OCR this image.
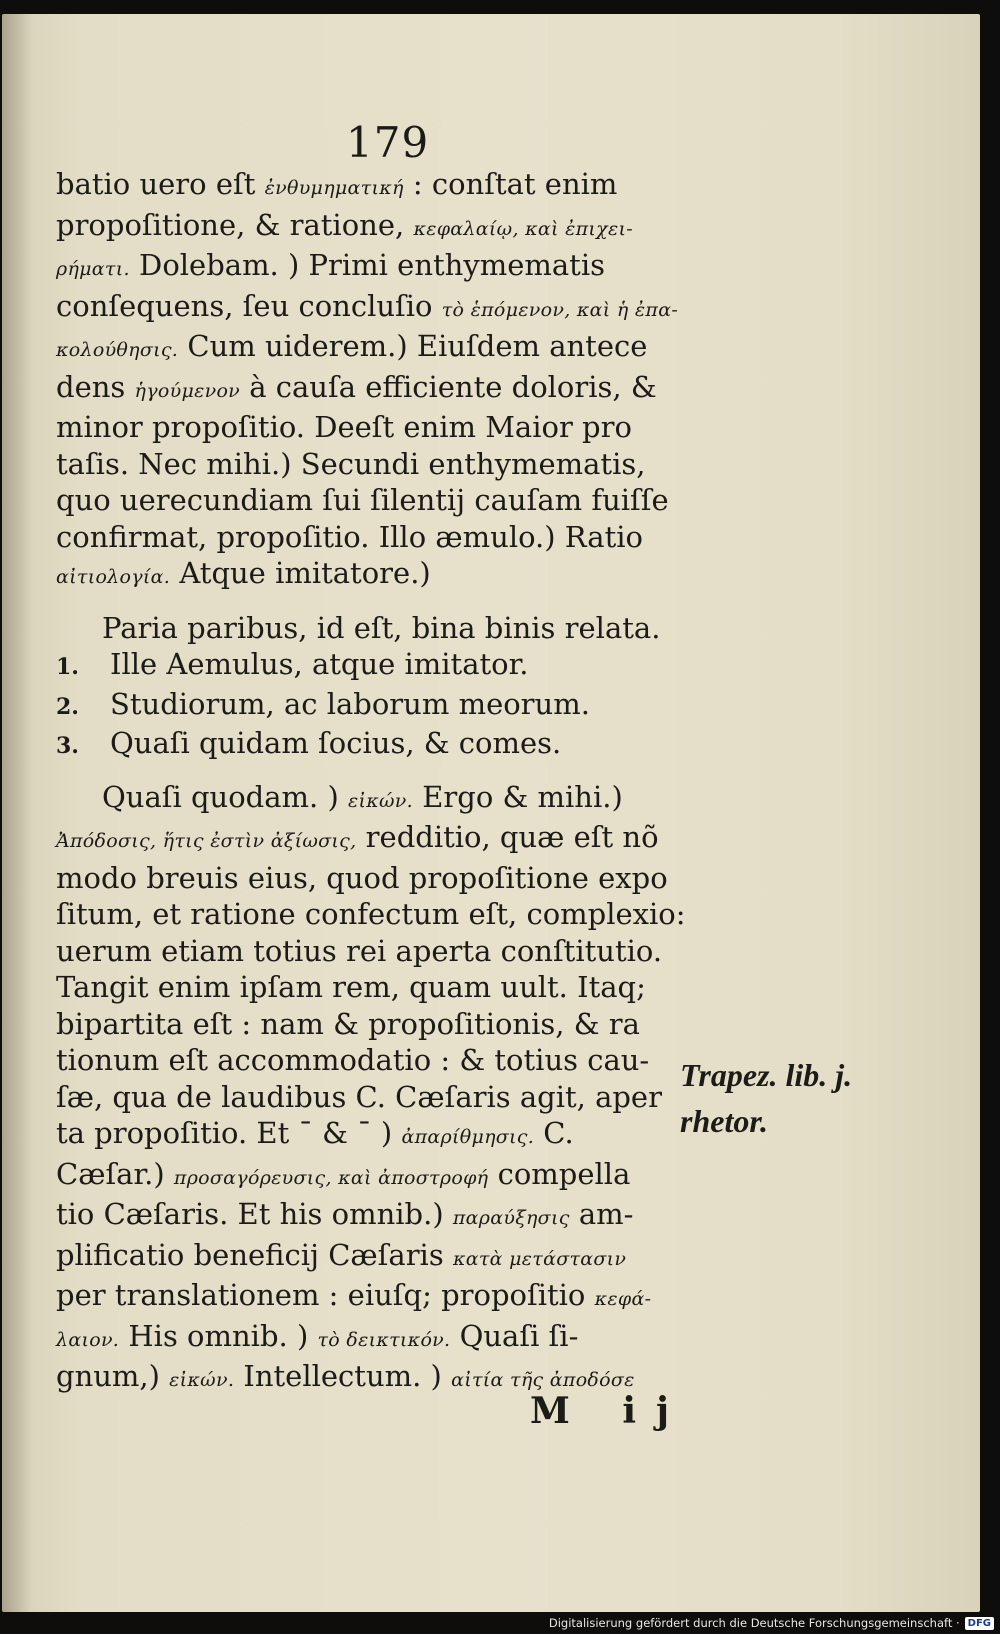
179
batio uero eſt ἐνθυμηματική : conſtat enim
propoſitione, & ratione, κεφαλαίῳ, καὶ ἐπιχει-
ρήματι. Dolebam. ) Primi enthymematis
conſequens, ſeu concluſio τὸ ἑπόμενον, καὶ ἡ ἐπα-
κολούθησις. Cum uiderem.) Eiuſdem antece
dens ἡγούμενον à cauſa efficiente doloris, &
minor propoſitio. Deeſt enim Maior pro
taſis. Nec mihi.) Secundi enthymematis,
quo uerecundiam ſui ſilentij cauſam fuiſſe
confirmat, propoſitio. Illo æmulo.) Ratio
αἰτιολογία. Atque imitatore.)
Paria paribus, id eſt, bina binis relata.
1. Ille Aemulus, atque imitator.
2. Studiorum, ac laborum meorum.
3. Quaſi quidam ſocius, & comes.
Quaſi quodam. ) εἰκών. Ergo & mihi.)
Ἀπόδοσις, ἥτις ἐστὶν ἀξίωσις, redditio, quæ eſt nõ
modo breuis eius, quod propoſitione expo
ſitum, et ratione confectum eſt, complexio:
uerum etiam totius rei aperta conſtitutio.
Tangit enim ipſam rem, quam uult. Itaq;
bipartita eſt : nam & propoſitionis, & ra
tionum eſt accommodatio : & totius cau-
ſæ, qua de laudibus C. Cæſaris agit, aper
ta propoſitio. Et ¯ & ¯ ) ἀπαρίθμησις. C.
Cæſar.) προσαγόρευσις, καὶ ἀποστροφή compella
tio Cæſaris. Et his omnib.) παραύξησις am-
plificatio beneficij Cæſaris κατὰ μετάστασιν
per translationem : eiuſq; propoſitio κεφά-
λαιον. His omnib. ) τὸ δεικτικόν. Quaſi ſi-
gnum,) εἰκών. Intellectum. ) αἰτία τῆς ἀποδόσε
Trapez. lib. j.
rhetor.
M ij
Digitalisierung gefördert durch die Deutsche Forschungsgemeinschaft · DFG
